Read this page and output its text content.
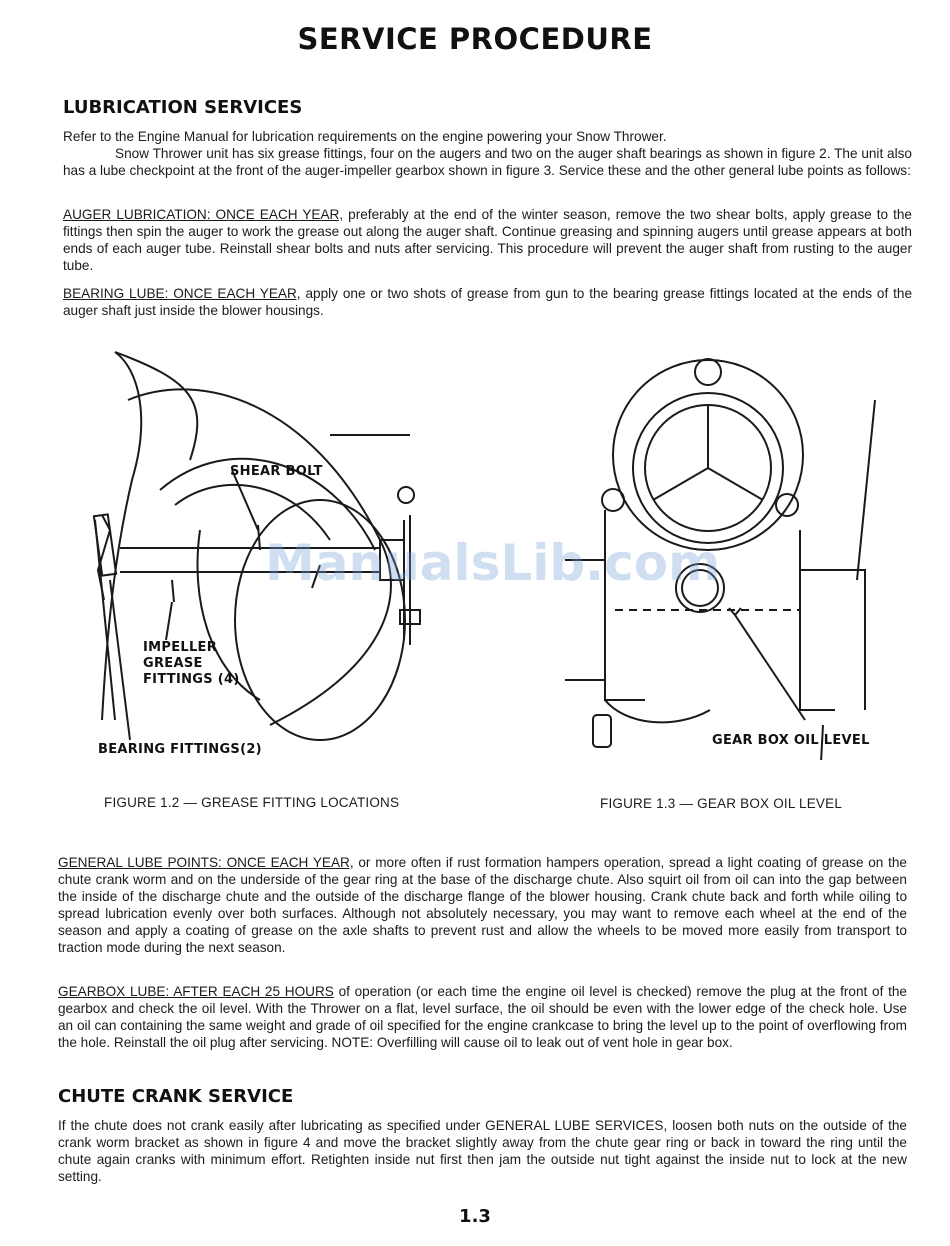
SERVICE PROCEDURE
LUBRICATION SERVICES
Refer to the Engine Manual for lubrication requirements on the engine powering your Snow Thrower.
Snow Thrower unit has six grease fittings, four on the augers and two on the auger shaft bearings as shown in figure 2. The unit also has a lube checkpoint at the front of the auger-impeller gearbox shown in figure 3. Service these and the other general lube points as follows:
AUGER LUBRICATION: ONCE EACH YEAR, preferably at the end of the winter season, remove the two shear bolts, apply grease to the fittings then spin the auger to work the grease out along the auger shaft. Continue greasing and spinning augers until grease appears at both ends of each auger tube. Reinstall shear bolts and nuts after servicing. This procedure will prevent the auger shaft from rusting to the auger tube.
BEARING LUBE: ONCE EACH YEAR, apply one or two shots of grease from gun to the bearing grease fittings located at the ends of the auger shaft just inside the blower housings.
SHEAR BOLT
IMPELLER
GREASE
FITTINGS (4)
BEARING FITTINGS(2)
FIGURE 1.2 — GREASE FITTING LOCATIONS
GEAR BOX OIL LEVEL
FIGURE 1.3 — GEAR BOX OIL LEVEL
ManualsLib.com
GENERAL LUBE POINTS: ONCE EACH YEAR, or more often if rust formation hampers operation, spread a light coating of grease on the chute crank worm and on the underside of the gear ring at the base of the discharge chute. Also squirt oil from oil can into the gap between the inside of the discharge chute and the outside of the discharge flange of the blower housing. Crank chute back and forth while oiling to spread lubrication evenly over both surfaces. Although not absolutely necessary, you may want to remove each wheel at the end of the season and apply a coating of grease on the axle shafts to prevent rust and allow the wheels to be moved more easily from transport to traction mode during the next season.
GEARBOX LUBE: AFTER EACH 25 HOURS of operation (or each time the engine oil level is checked) remove the plug at the front of the gearbox and check the oil level. With the Thrower on a flat, level surface, the oil should be even with the lower edge of the check hole. Use an oil can containing the same weight and grade of oil specified for the engine crankcase to bring the level up to the point of overflowing from the hole. Reinstall the oil plug after servicing. NOTE: Overfilling will cause oil to leak out of vent hole in gear box.
CHUTE CRANK SERVICE
If the chute does not crank easily after lubricating as specified under GENERAL LUBE SERVICES, loosen both nuts on the outside of the crank worm bracket as shown in figure 4 and move the bracket slightly away from the chute gear ring or back in toward the ring until the chute again cranks with minimum effort. Retighten inside nut first then jam the outside nut tight against the inside nut to lock at the new setting.
1.3
